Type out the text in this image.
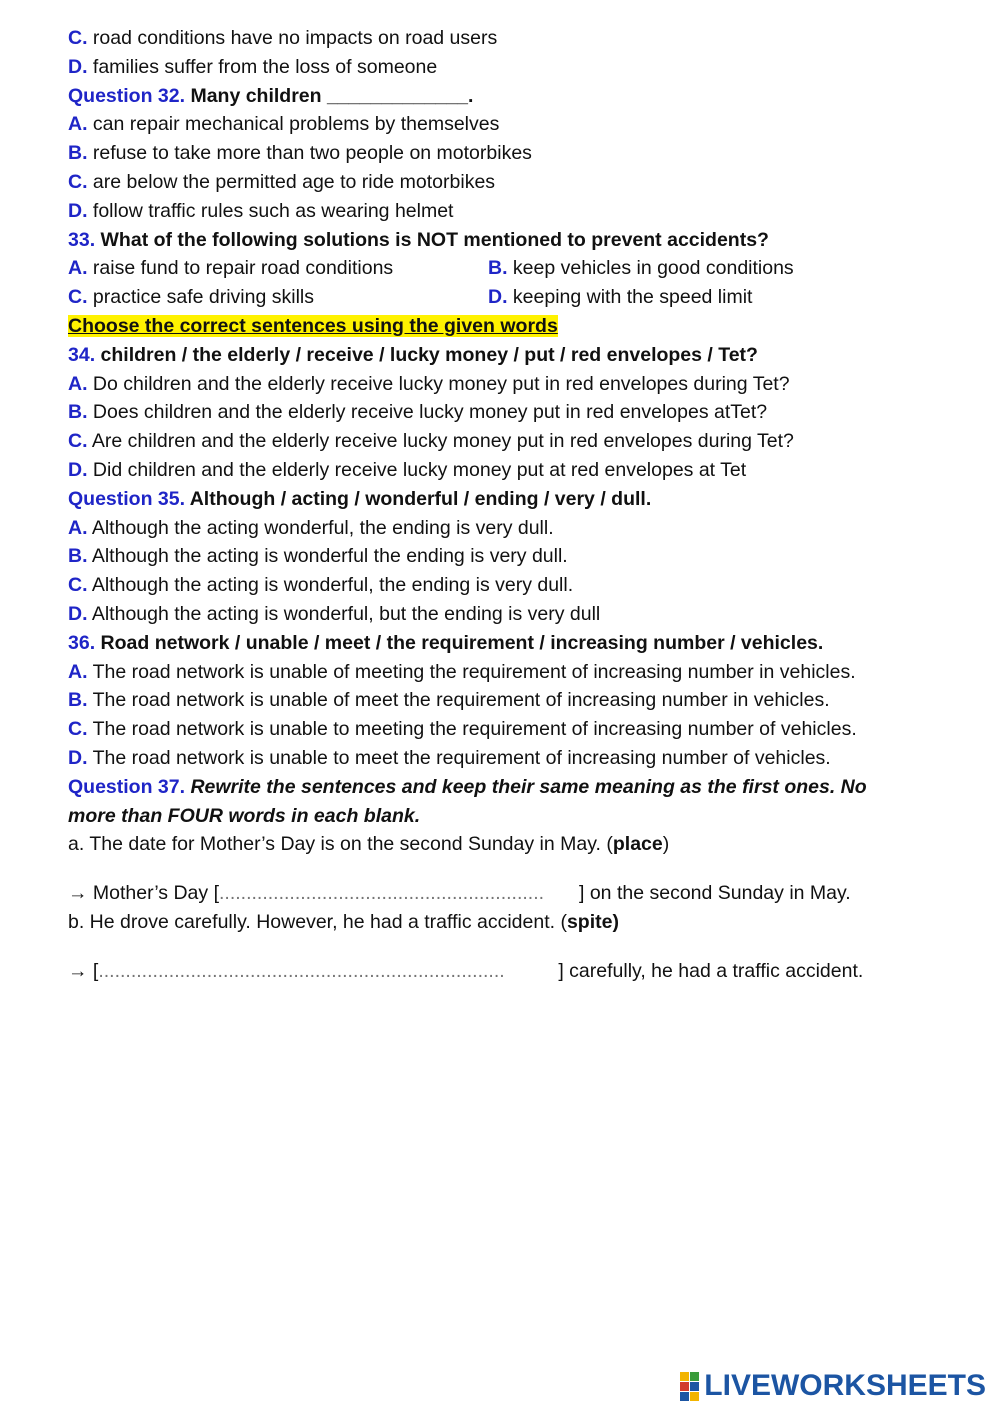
C. road conditions have no impacts on road users
D. families suffer from the loss of someone
Question 32. Many children _____________.
A. can repair mechanical problems by themselves
B. refuse to take more than two people on motorbikes
C. are below the permitted age to ride motorbikes
D. follow traffic rules such as wearing helmet
33. What of the following solutions is NOT mentioned to prevent accidents?
A. raise fund to repair road conditions	B. keep vehicles in good conditions
C. practice safe driving skills	D. keeping with the speed limit
Choose the correct sentences using the given words
34. children / the elderly / receive / lucky money / put / red envelopes / Tet?
A. Do children and the elderly receive lucky money put in red envelopes during Tet?
B. Does children and the elderly receive lucky money put in red envelopes atTet?
C. Are children and the elderly receive lucky money put in red envelopes during Tet?
D. Did children and the elderly receive lucky money put at red envelopes at Tet
Question 35. Although / acting / wonderful / ending / very / dull.
A. Although the acting wonderful, the ending is very dull.
B. Although the acting is wonderful the ending is very dull.
C. Although the acting is wonderful, the ending is very dull.
D. Although the acting is wonderful, but the ending is very dull
36. Road network / unable / meet / the requirement / increasing number / vehicles.
A. The road network is unable of meeting the requirement of increasing number in vehicles.
B. The road network is unable of meet the requirement of increasing number in vehicles.
C. The road network is unable to meeting the requirement of increasing number of vehicles.
D. The road network is unable to meet the requirement of increasing number of vehicles.
Question 37. Rewrite the sentences and keep their same meaning as the first ones. No
more than FOUR words in each blank.
a. The date for Mother’s Day is on the second Sunday in May. (place)
→ Mother’s Day [............................................................	] on the second Sunday in May.
b. He drove carefully. However, he had a traffic accident. (spite)
→ [...........................................................................	] carefully, he had a traffic accident.
LIVEWORKSHEETS
